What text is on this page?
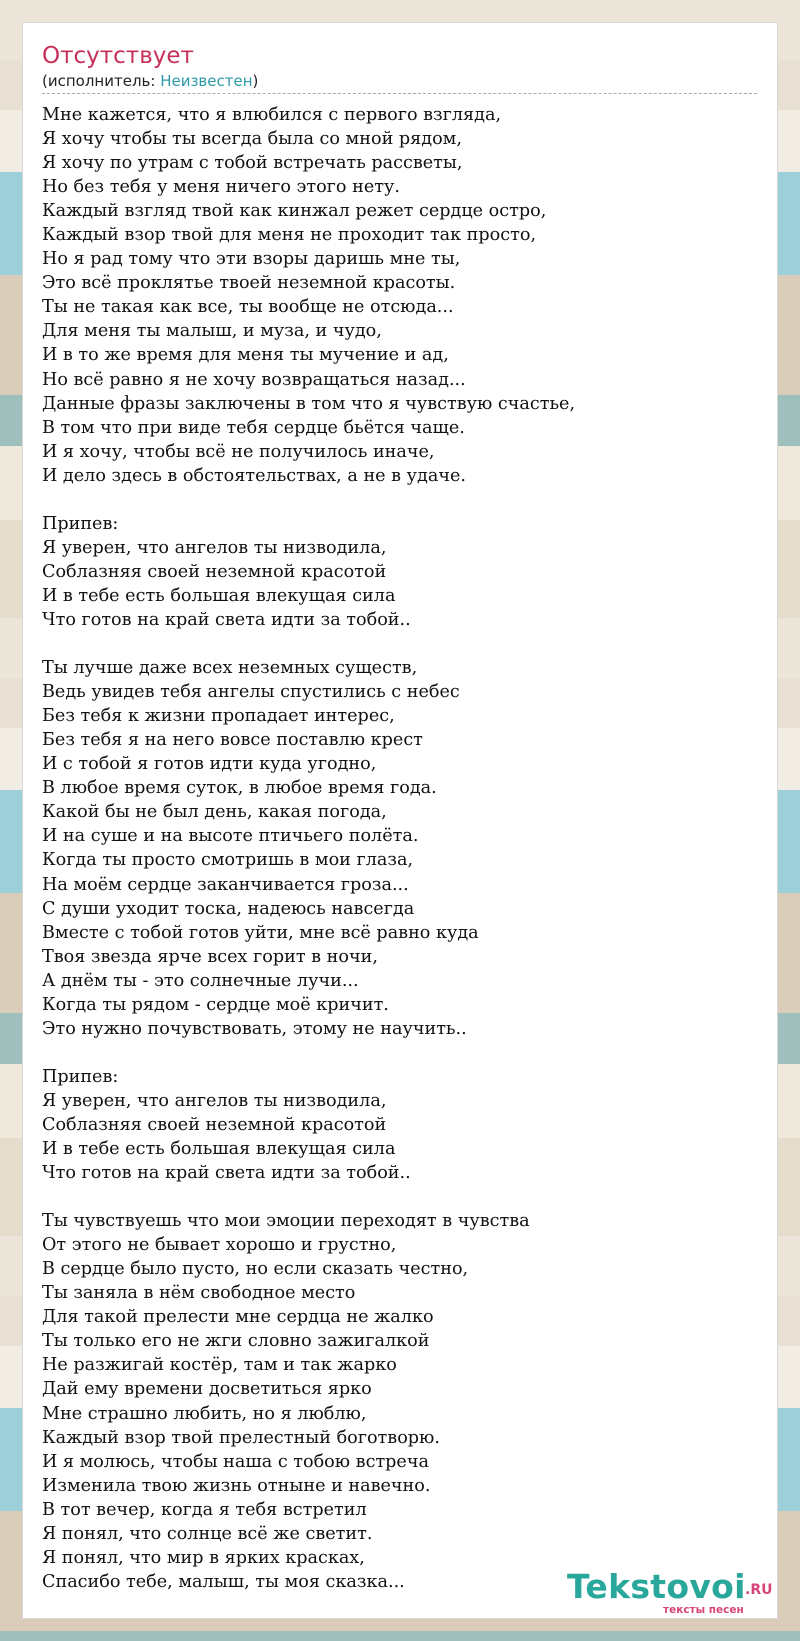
Отсутствует
(исполнитель: Неизвестен)
Мне кажется, что я влюбился с первого взгляда,
Я хочу чтобы ты всегда была со мной рядом,
Я хочу по утрам с тобой встречать рассветы,
Но без тебя у меня ничего этого нету.
Каждый взгляд твой как кинжал режет сердце остро,
Каждый взор твой для меня не проходит так просто,
Но я рад тому что эти взоры даришь мне ты,
Это всё проклятье твоей неземной красоты.
Ты не такая как все, ты вообще не отсюда...
Для меня ты малыш, и муза, и чудо,
И в то же время для меня ты мучение и ад,
Но всё равно я не хочу возвращаться назад...
Данные фразы заключены в том что я чувствую счастье,
В том что при виде тебя сердце бьётся чаще.
И я хочу, чтобы всё не получилось иначе,
И дело здесь в обстоятельствах, а не в удаче.
Припев:
Я уверен, что ангелов ты низводила,
Соблазняя своей неземной красотой
И в тебе есть большая влекущая сила
Что готов на край света идти за тобой..
Ты лучше даже всех неземных существ,
Ведь увидев тебя ангелы спустились с небес
Без тебя к жизни пропадает интерес,
Без тебя я на него вовсе поставлю крест
И с тобой я готов идти куда угодно,
В любое время суток, в любое время года.
Какой бы не был день, какая погода,
И на суше и на высоте птичьего полёта.
Когда ты просто смотришь в мои глаза,
На моём сердце заканчивается гроза...
С души уходит тоска, надеюсь навсегда
Вместе с тобой готов уйти, мне всё равно куда
Твоя звезда ярче всех горит в ночи,
А днём ты - это солнечные лучи...
Когда ты рядом - сердце моё кричит.
Это нужно почувствовать, этому не научить..
Припев:
Я уверен, что ангелов ты низводила,
Соблазняя своей неземной красотой
И в тебе есть большая влекущая сила
Что готов на край света идти за тобой..
Ты чувствуешь что мои эмоции переходят в чувства
От этого не бывает хорошо и грустно,
В сердце было пусто, но если сказать честно,
Ты заняла в нём свободное место
Для такой прелести мне сердца не жалко
Ты только его не жги словно зажигалкой
Не разжигай костёр, там и так жарко
Дай ему времени досветиться ярко
Мне страшно любить, но я люблю,
Каждый взор твой прелестный боготворю.
И я молюсь, чтобы наша с тобою встреча
Изменила твою жизнь отныне и навечно.
В тот вечер, когда я тебя встретил
Я понял, что солнце всё же светит.
Я понял, что мир в ярких красках,
Спасибо тебе, малыш, ты моя сказка...	Tekstovoi .RU
тексты песен
